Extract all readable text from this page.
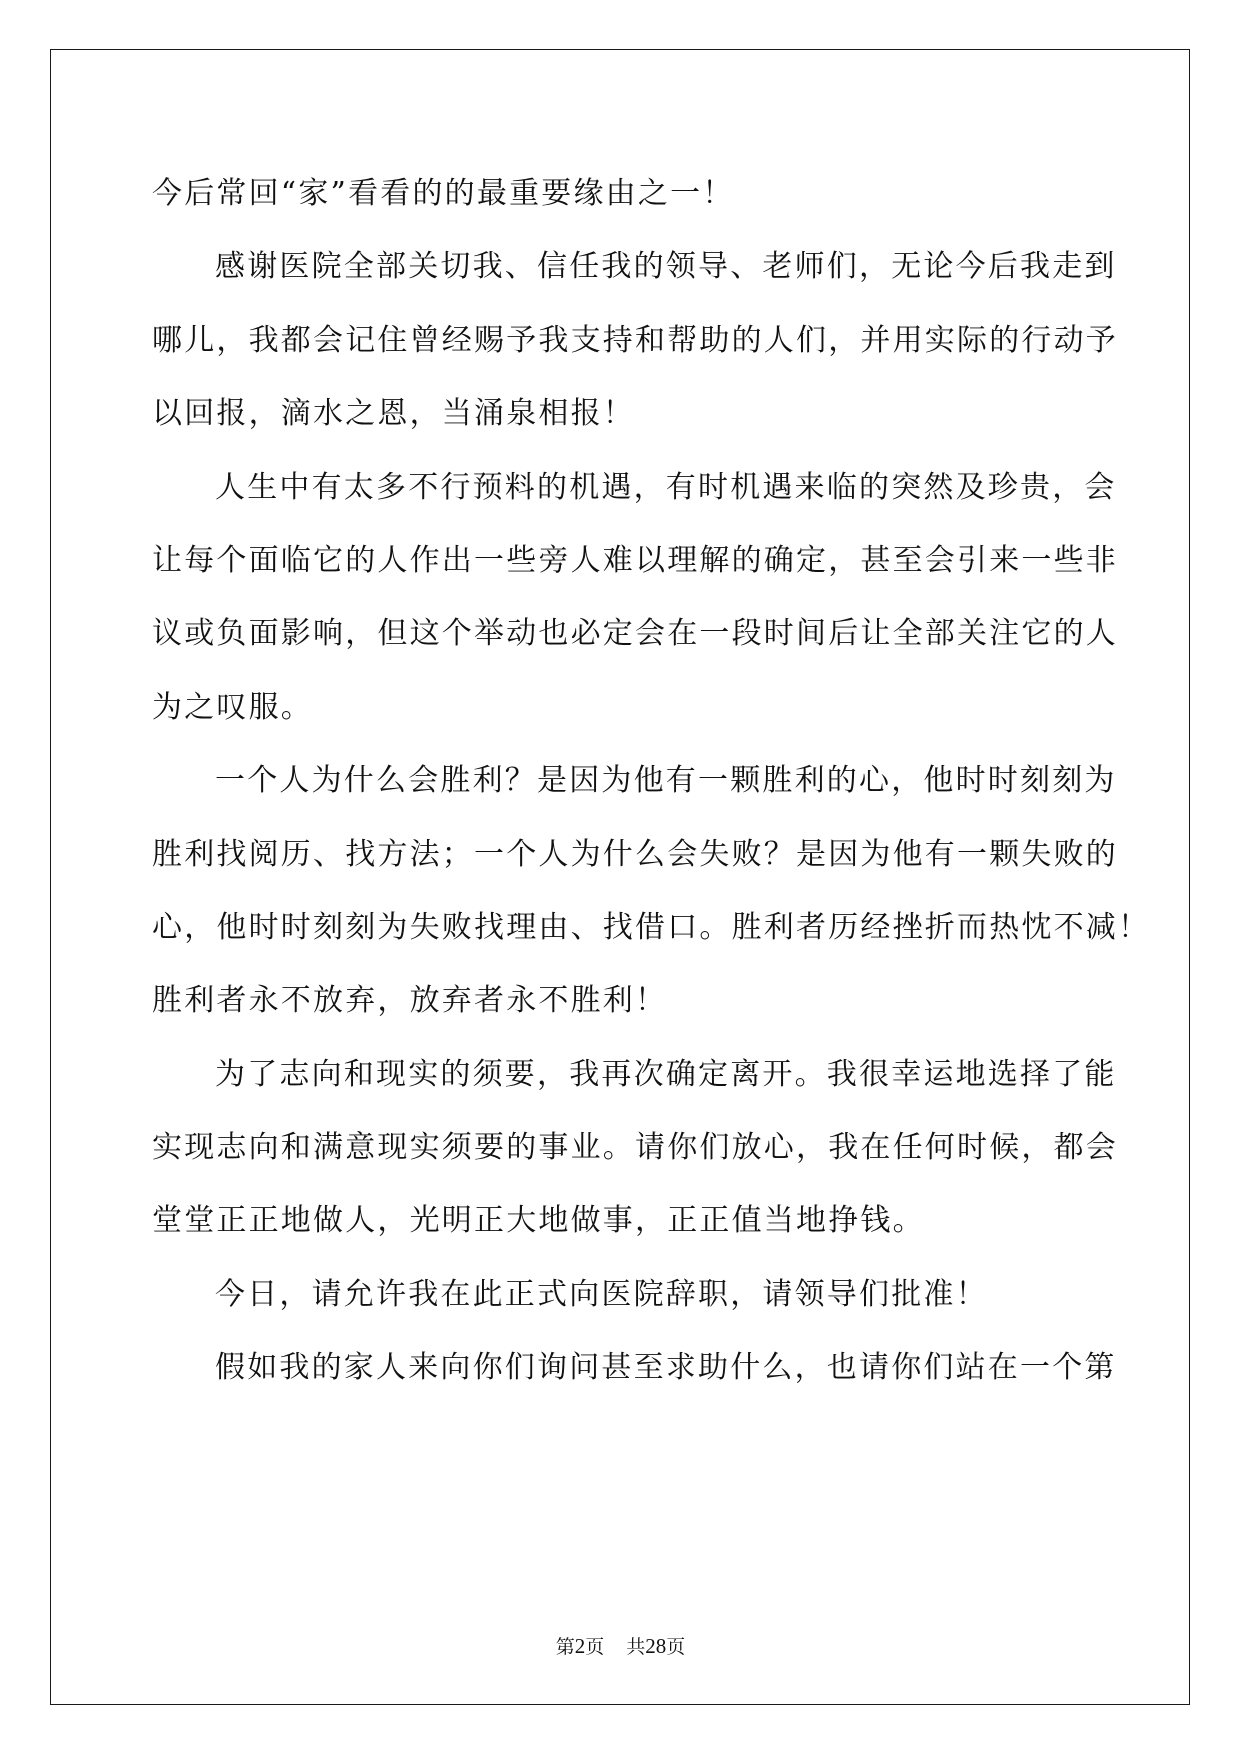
今后常回“家”看看的的最重要缘由之一！
感谢医院全部关切我、信任我的领导、老师们，无论今后我走到
哪儿，我都会记住曾经赐予我支持和帮助的人们，并用实际的行动予
以回报，滴水之恩，当涌泉相报！
人生中有太多不行预料的机遇，有时机遇来临的突然及珍贵，会
让每个面临它的人作出一些旁人难以理解的确定，甚至会引来一些非
议或负面影响，但这个举动也必定会在一段时间后让全部关注它的人
为之叹服。
一个人为什么会胜利？是因为他有一颗胜利的心，他时时刻刻为
胜利找阅历、找方法；一个人为什么会失败？是因为他有一颗失败的
心，他时时刻刻为失败找理由、找借口。胜利者历经挫折而热忱不减！
胜利者永不放弃，放弃者永不胜利！
为了志向和现实的须要，我再次确定离开。我很幸运地选择了能
实现志向和满意现实须要的事业。请你们放心，我在任何时候，都会
堂堂正正地做人，光明正大地做事，正正值当地挣钱。
今日，请允许我在此正式向医院辞职，请领导们批准！
假如我的家人来向你们询问甚至求助什么，也请你们站在一个第
第2页 共28页
